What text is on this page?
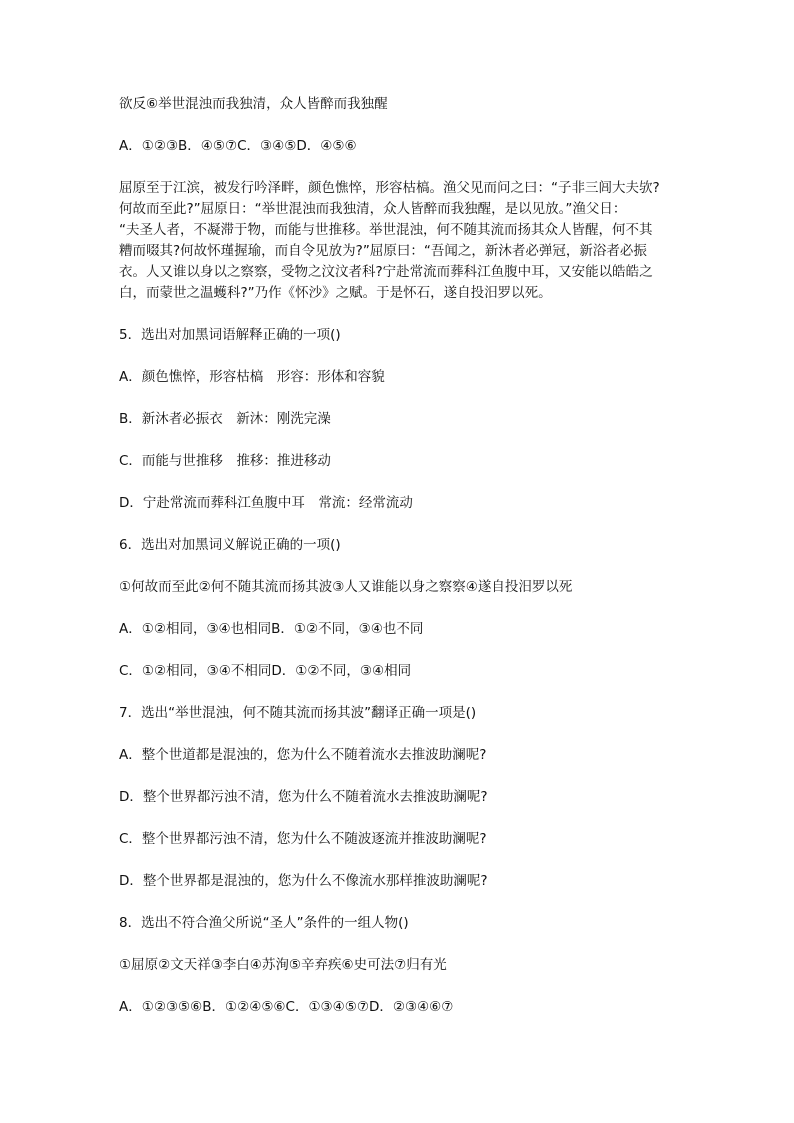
欲反⑥举世混浊而我独清，众人皆醉而我独醒

A．①②③B．④⑤⑦C．③④⑤D．④⑤⑥

屈原至于江滨，被发行吟泽畔，颜色憔悴，形容枯槁。渔父见而问之曰：“子非三闾大夫欤?

何故而至此?”屈原日：“举世混浊而我独清，众人皆醉而我独醒，是以见放。”渔父日：

“夫圣人者，不凝滞于物，而能与世推移。举世混浊，何不随其流而扬其众人皆醒，何不其

糟而啜其?何故怀瑾握瑜，而自令见放为?”屈原曰：“吾闻之，新沐者必弹冠，新浴者必振

衣。人又谁以身以之察察，受物之汶汶者科?宁赴常流而葬科江鱼腹中耳，又安能以皓皓之

白，而蒙世之温蠖科?”乃作《怀沙》之赋。于是怀石，遂自投汨罗以死。

5．选出对加黑词语解释正确的一项()

A．颜色憔悴，形容枯槁　形容：形体和容貌

B．新沐者必振衣　新沐：刚洗完澡

C．而能与世推移　推移：推进移动

D．宁赴常流而葬科江鱼腹中耳　常流：经常流动

6．选出对加黑词义解说正确的一项()

①何故而至此②何不随其流而扬其波③人又谁能以身之察察④遂自投汨罗以死

A．①②相同，③④也相同B．①②不同，③④也不同

C．①②相同，③④不相同D．①②不同，③④相同

7．选出“举世混浊，何不随其流而扬其波”翻译正确一项是()

A．整个世道都是混浊的，您为什么不随着流水去推波助澜呢?

D．整个世界都污浊不清，您为什么不随着流水去推波助澜呢?

C．整个世界都污浊不清，您为什么不随波逐流并推波助澜呢?

D．整个世界都是混浊的，您为什么不像流水那样推波助澜呢?

8．选出不符合渔父所说“圣人”条件的一组人物()

①屈原②文天祥③李白④苏洵⑤辛弃疾⑥史可法⑦归有光

A．①②③⑤⑥B．①②④⑤⑥C．①③④⑤⑦D．②③④⑥⑦
